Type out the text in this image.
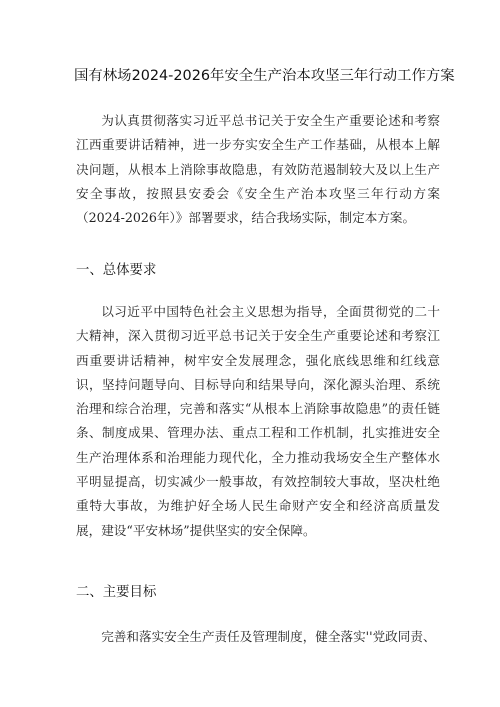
国有林场2024-2026年安全生产治本攻坚三年行动工作方案

为认真贯彻落实习近平总书记关于安全生产重要论述和考察江西重要讲话精神，进一步夯实安全生产工作基础，从根本上解决问题，从根本上消除事故隐患，有效防范遏制较大及以上生产安全事故，按照县安委会《安全生产治本攻坚三年行动方案（2024-2026年）》部署要求，结合我场实际，制定本方案。

一、总体要求

以习近平中国特色社会主义思想为指导，全面贯彻党的二十大精神，深入贯彻习近平总书记关于安全生产重要论述和考察江西重要讲话精神，树牢安全发展理念，强化底线思维和红线意识，坚持问题导向、目标导向和结果导向，深化源头治理、系统治理和综合治理，完善和落实“从根本上消除事故隐患”的责任链条、制度成果、管理办法、重点工程和工作机制，扎实推进安全生产治理体系和治理能力现代化，全力推动我场安全生产整体水平明显提高，切实减少一般事故，有效控制较大事故，坚决杜绝重特大事故，为维护好全场人民生命财产安全和经济高质量发展，建设“平安林场”提供坚实的安全保障。

二、主要目标

完善和落实安全生产责任及管理制度，健全落实''党政同责、
